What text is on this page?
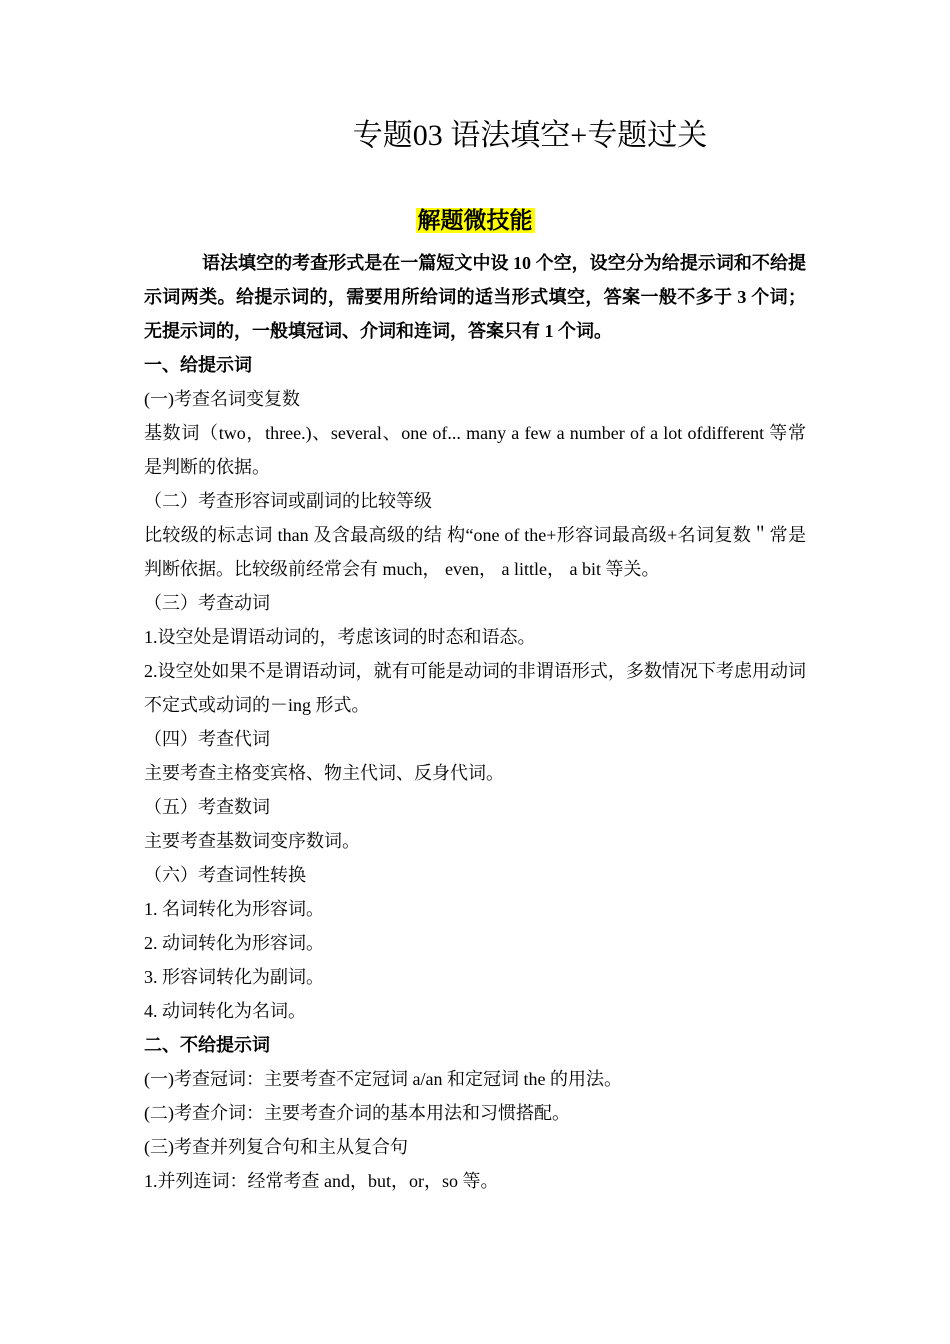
专题03 语法填空+专题过关
解题微技能

语法填空的考查形式是在一篇短文中设 10 个空，设空分为给提示词和不给提示词两类。给提示词的，需要用所给词的适当形式填空，答案一般不多于 3 个词；无提示词的，一般填冠词、介词和连词，答案只有 1 个词。

一、给提示词

(一)考查名词变复数

基数词（two，three.)、several、one of... many a few a number of a lot ofdifferent 等常是判断的依据。

（二）考查形容词或副词的比较等级

比较级的标志词 than 及含最高级的结 构“one of the+形容词最高级+名词复数＂常是判断依据。比较级前经常会有 much， even， a little， a bit 等关。

（三）考查动词

1.设空处是谓语动词的，考虑该词的时态和语态。

2.设空处如果不是谓语动词，就有可能是动词的非谓语形式，多数情况下考虑用动词不定式或动词的－ing 形式。

（四）考查代词

主要考查主格变宾格、物主代词、反身代词。

（五）考查数词

主要考查基数词变序数词。

（六）考查词性转换

1. 名词转化为形容词。

2. 动词转化为形容词。

3. 形容词转化为副词。

4. 动词转化为名词。

二、不给提示词

(一)考查冠词：主要考查不定冠词 a/an 和定冠词 the 的用法。

(二)考查介词：主要考查介词的基本用法和习惯搭配。

(三)考查并列复合句和主从复合句

1.并列连词：经常考查 and，but，or，so 等。
